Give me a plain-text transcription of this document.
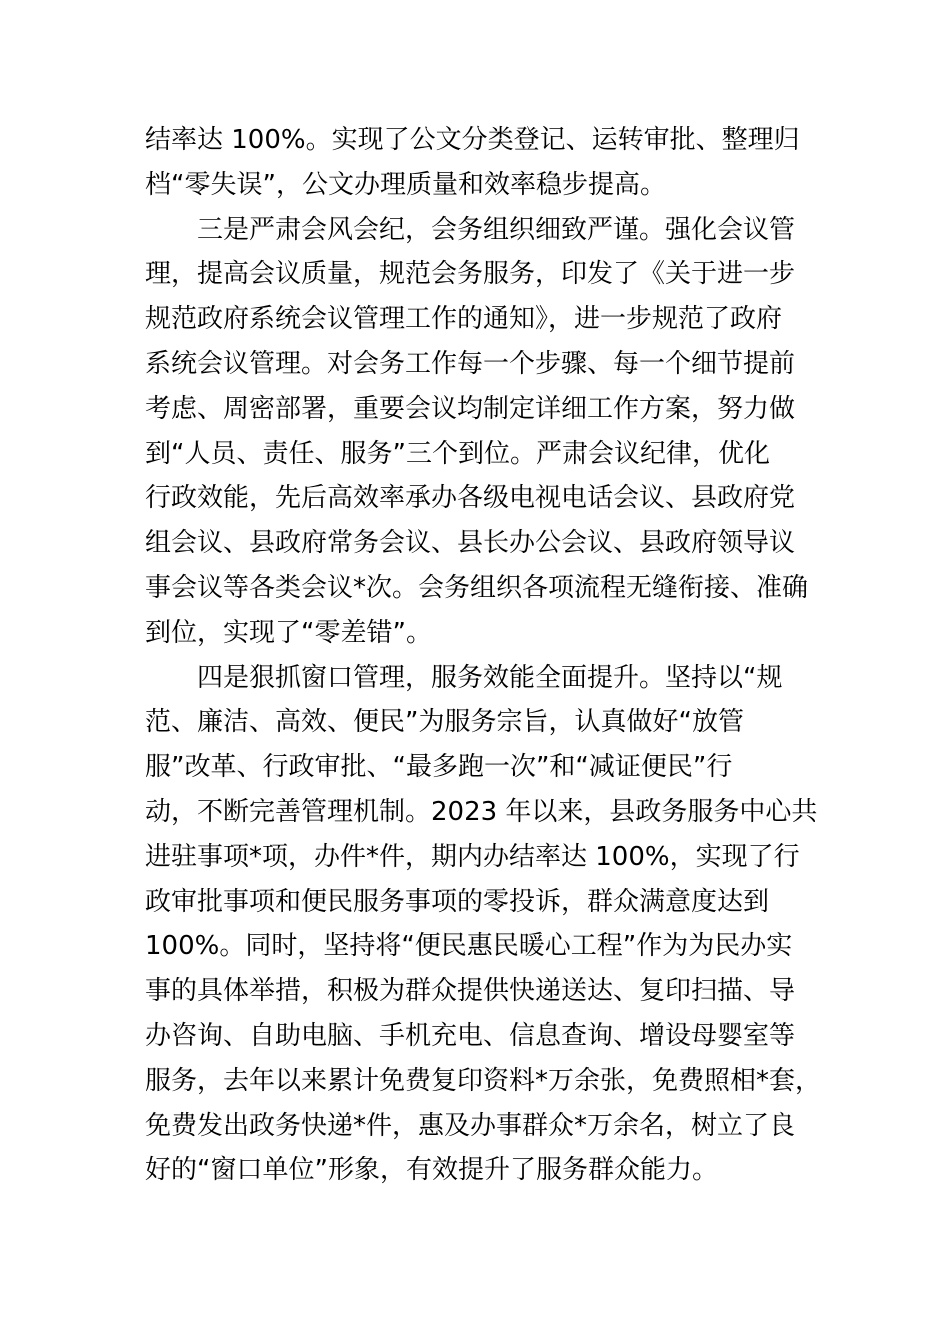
结率达 100%。实现了公文分类登记、运转审批、整理归
档“零失误”，公文办理质量和效率稳步提高。
三是严肃会风会纪，会务组织细致严谨。强化会议管
理，提高会议质量，规范会务服务，印发了《关于进一步
规范政府系统会议管理工作的通知》，进一步规范了政府
系统会议管理。对会务工作每一个步骤、每一个细节提前
考虑、周密部署，重要会议均制定详细工作方案，努力做
到“人员、责任、服务”三个到位。严肃会议纪律，优化
行政效能，先后高效率承办各级电视电话会议、县政府党
组会议、县政府常务会议、县长办公会议、县政府领导议
事会议等各类会议*次。会务组织各项流程无缝衔接、准确
到位，实现了“零差错”。
四是狠抓窗口管理，服务效能全面提升。坚持以“规
范、廉洁、高效、便民”为服务宗旨，认真做好“放管
服”改革、行政审批、“最多跑一次”和“减证便民”行
动，不断完善管理机制。2023 年以来，县政务服务中心共
进驻事项*项，办件*件，期内办结率达 100%，实现了行
政审批事项和便民服务事项的零投诉，群众满意度达到
100%。同时，坚持将“便民惠民暖心工程”作为为民办实
事的具体举措，积极为群众提供快递送达、复印扫描、导
办咨询、自助电脑、手机充电、信息查询、增设母婴室等
服务，去年以来累计免费复印资料*万余张，免费照相*套，
免费发出政务快递*件，惠及办事群众*万余名，树立了良
好的“窗口单位”形象，有效提升了服务群众能力。
